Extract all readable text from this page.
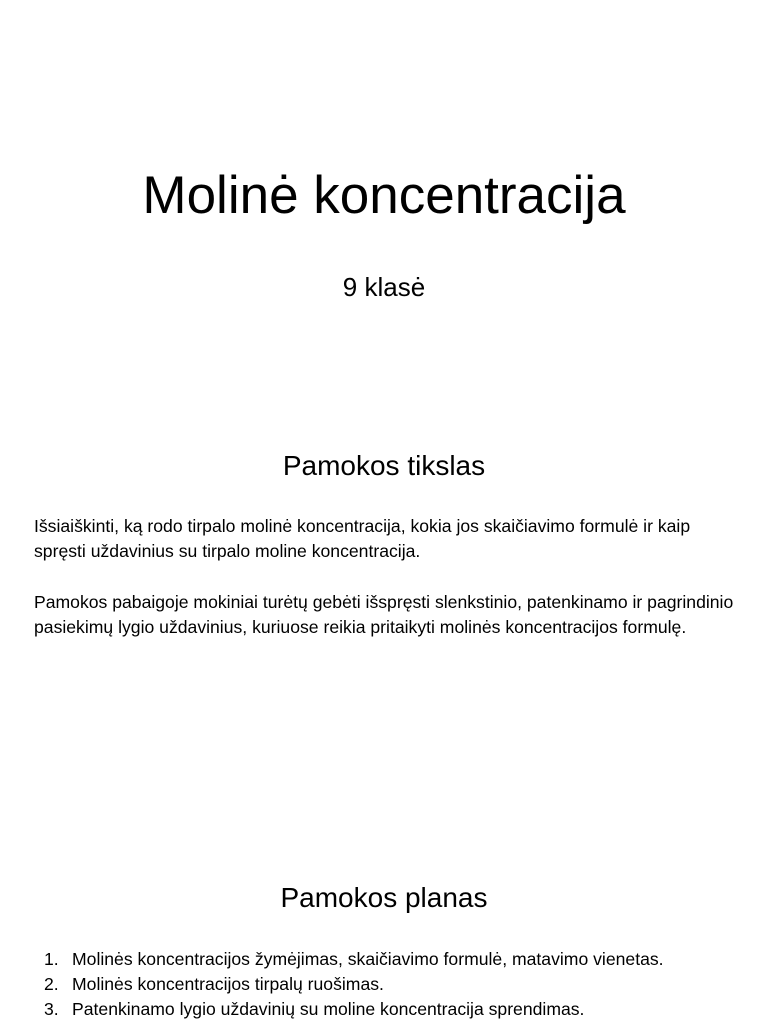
Molinė koncentracija

9 klasė

Pamokos tikslas

Išsiaiškinti, ką rodo tirpalo molinė koncentracija, kokia jos skaičiavimo formulė ir kaip spręsti uždavinius su tirpalo moline koncentracija.

Pamokos pabaigoje mokiniai turėtų gebėti išspręsti slenkstinio, patenkinamo ir pagrindinio pasiekimų lygio uždavinius, kuriuose reikia pritaikyti molinės koncentracijos formulę.

Pamokos planas
1. Molinės koncentracijos žymėjimas, skaičiavimo formulė, matavimo vienetas.
2. Molinės koncentracijos tirpalų ruošimas.
3. Patenkinamo lygio uždavinių su moline koncentracija sprendimas.
